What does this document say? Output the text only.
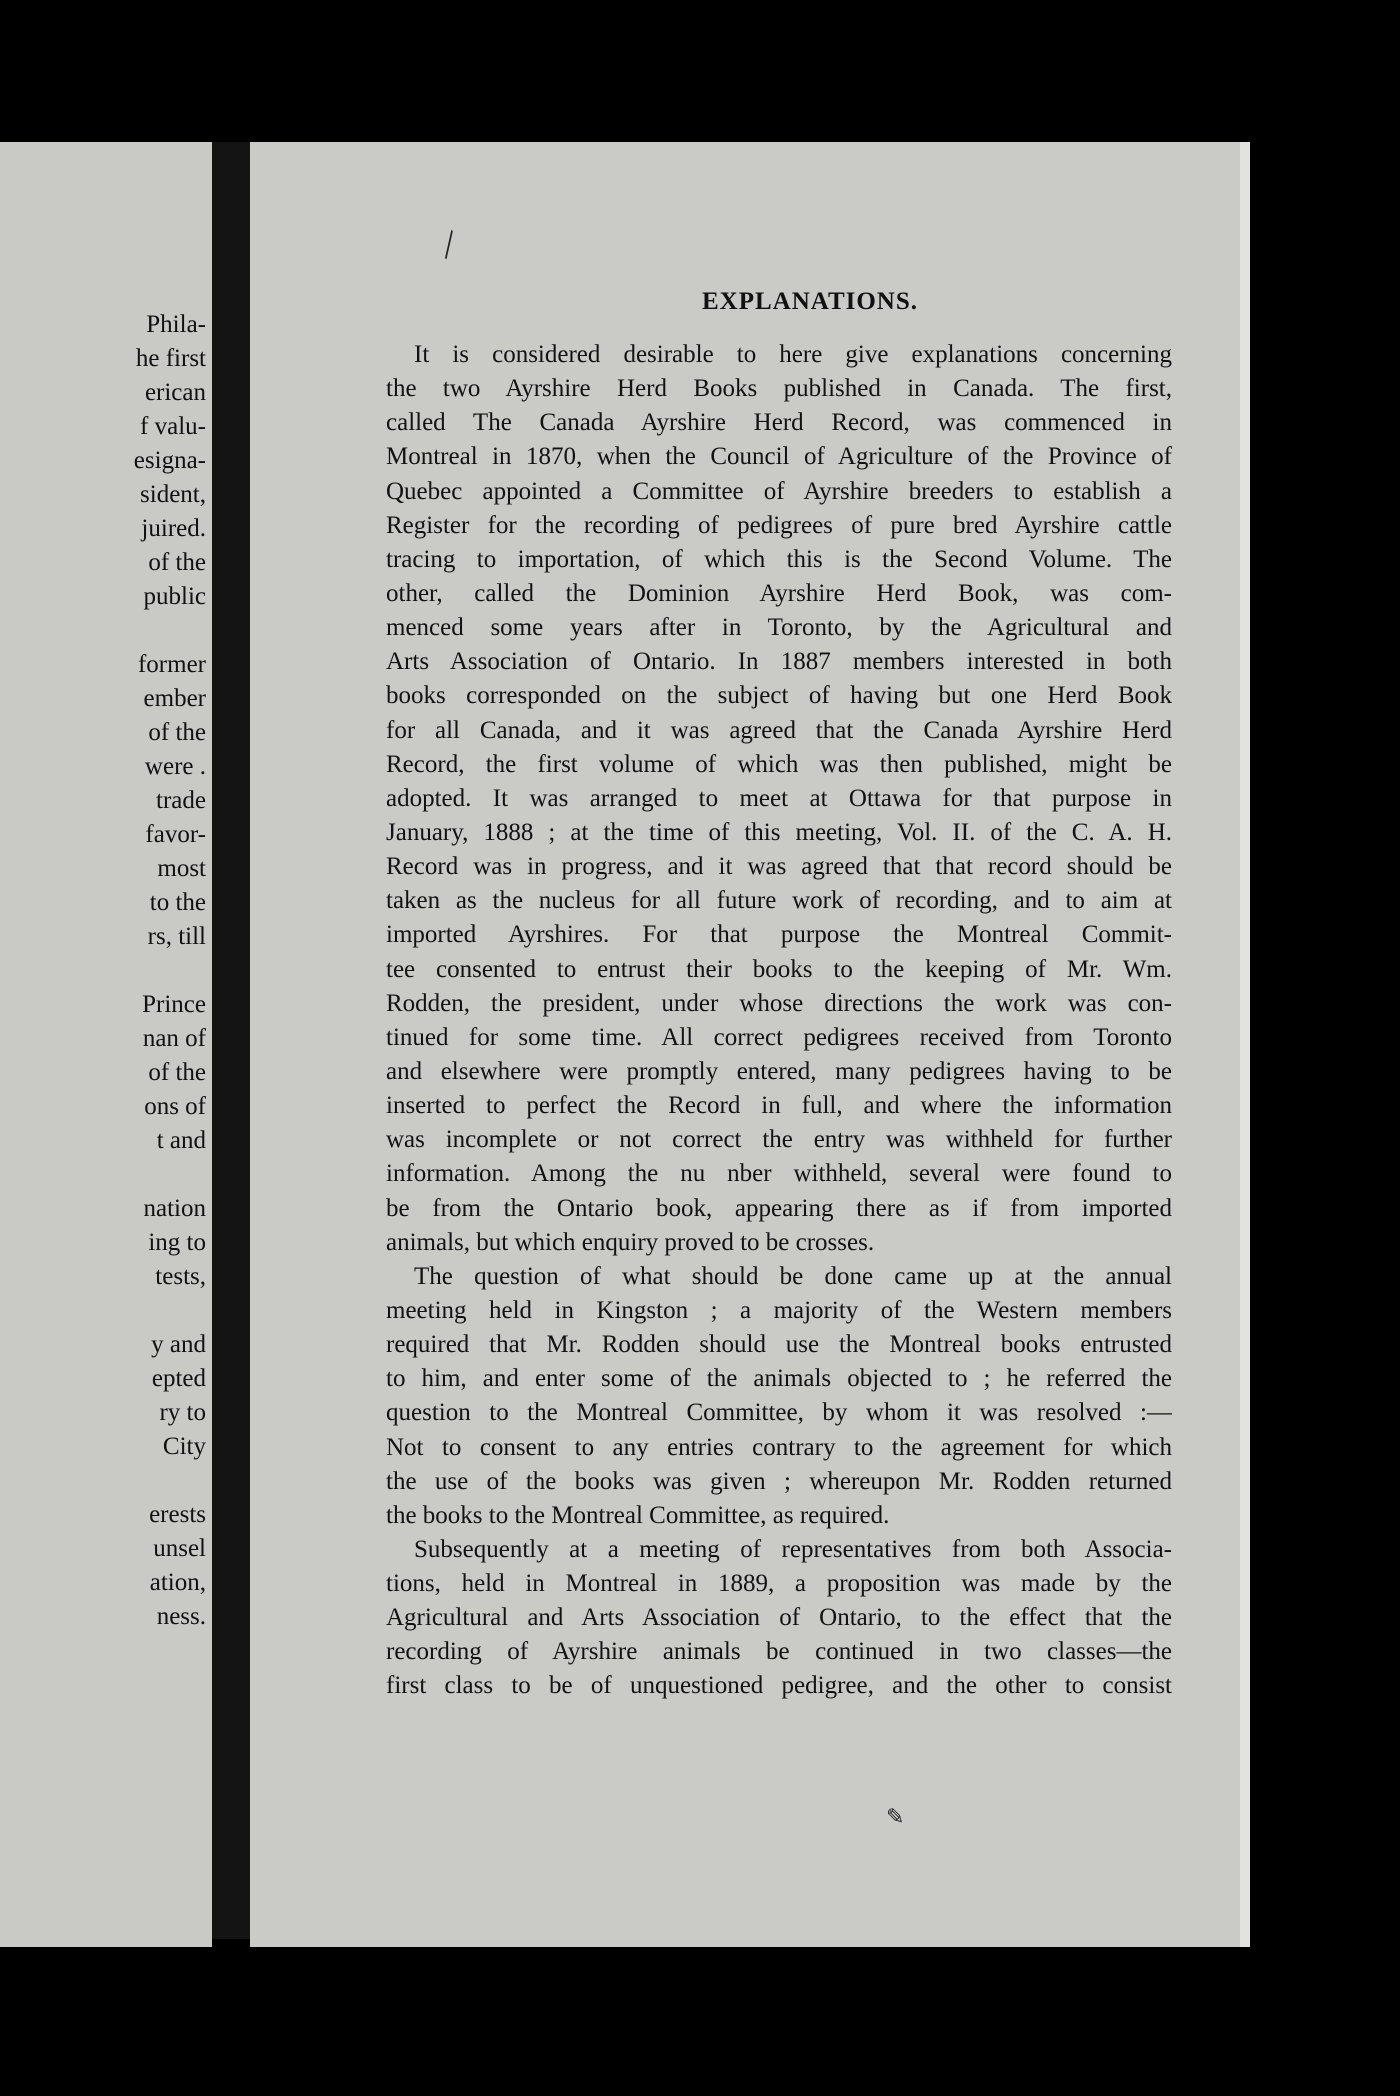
Phila-
he first
erican
f valu-
esigna-
sident,
juired.
of the
public
former
ember
of the
were .
trade
favor-
most
to the
rs, till
Prince
nan of
of the
ons of
t and
nation
ing to
tests,
y and
epted
ry to
City
erests
unsel
ation,
ness.
╲
EXPLANATIONS.
It is considered desirable to here give explanations concerning
the two Ayrshire Herd Books published in Canada. The first,
called The Canada Ayrshire Herd Record, was commenced in
Montreal in 1870, when the Council of Agriculture of the Province of
Quebec appointed a Committee of Ayrshire breeders to establish a
Register for the recording of pedigrees of pure bred Ayrshire cattle
tracing to importation, of which this is the Second Volume. The
other, called the Dominion Ayrshire Herd Book, was com-
menced some years after in Toronto, by the Agricultural and
Arts Association of Ontario. In 1887 members interested in both
books corresponded on the subject of having but one Herd Book
for all Canada, and it was agreed that the Canada Ayrshire Herd
Record, the first volume of which was then published, might be
adopted. It was arranged to meet at Ottawa for that purpose in
January, 1888 ; at the time of this meeting, Vol. II. of the C. A. H.
Record was in progress, and it was agreed that that record should be
taken as the nucleus for all future work of recording, and to aim at
imported Ayrshires. For that purpose the Montreal Commit-
tee consented to entrust their books to the keeping of Mr. Wm.
Rodden, the president, under whose directions the work was con-
tinued for some time. All correct pedigrees received from Toronto
and elsewhere were promptly entered, many pedigrees having to be
inserted to perfect the Record in full, and where the information
was incomplete or not correct the entry was withheld for further
information. Among the nu nber withheld, several were found to
be from the Ontario book, appearing there as if from imported
animals, but which enquiry proved to be crosses.
The question of what should be done came up at the annual
meeting held in Kingston ; a majority of the Western members
required that Mr. Rodden should use the Montreal books entrusted
to him, and enter some of the animals objected to ; he referred the
question to the Montreal Committee, by whom it was resolved :—
Not to consent to any entries contrary to the agreement for which
the use of the books was given ; whereupon Mr. Rodden returned
the books to the Montreal Committee, as required.
Subsequently at a meeting of representatives from both Associa-
tions, held in Montreal in 1889, a proposition was made by the
Agricultural and Arts Association of Ontario, to the effect that the
recording of Ayrshire animals be continued in two classes—the
first class to be of unquestioned pedigree, and the other to consist
✎
